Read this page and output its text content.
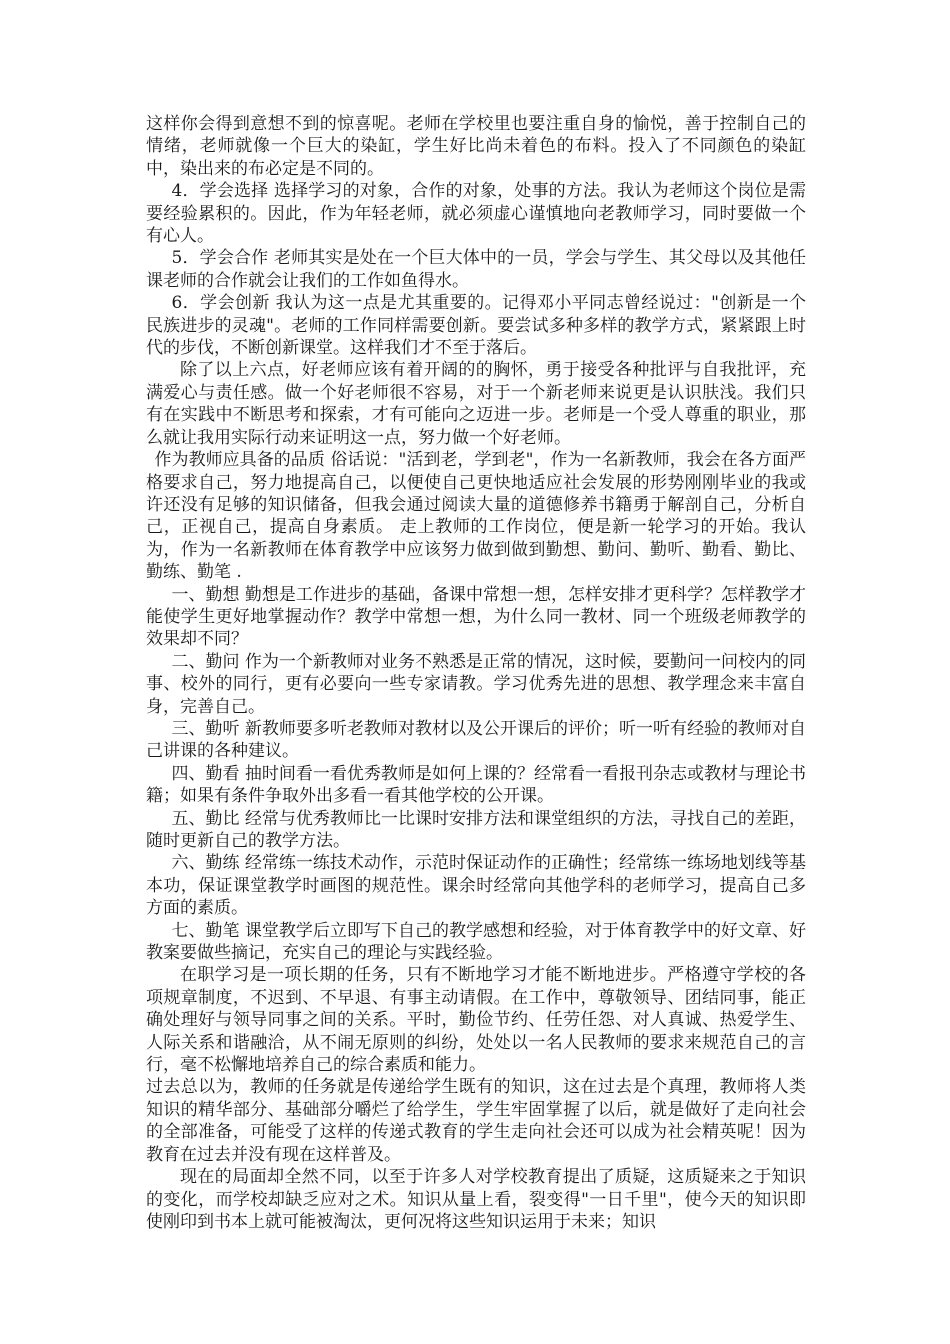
这样你会得到意想不到的惊喜呢。老师在学校里也要注重自身的愉悦，善于控制自己的情绪，老师就像一个巨大的染缸，学生好比尚未着色的布料。投入了不同颜色的染缸中，染出来的布必定是不同的。

4．学会选择 选择学习的对象，合作的对象，处事的方法。我认为老师这个岗位是需要经验累积的。因此，作为年轻老师，就必须虚心谨慎地向老教师学习，同时要做一个有心人。

5．学会合作 老师其实是处在一个巨大体中的一员，学会与学生、其父母以及其他任课老师的合作就会让我们的工作如鱼得水。

6．学会创新 我认为这一点是尤其重要的。记得邓小平同志曾经说过："创新是一个民族进步的灵魂"。老师的工作同样需要创新。要尝试多种多样的教学方式，紧紧跟上时代的步伐，不断创新课堂。这样我们才不至于落后。

除了以上六点，好老师应该有着开阔的的胸怀，勇于接受各种批评与自我批评，充满爱心与责任感。做一个好老师很不容易，对于一个新老师来说更是认识肤浅。我们只有在实践中不断思考和探索，才有可能向之迈进一步。老师是一个受人尊重的职业，那么就让我用实际行动来证明这一点，努力做一个好老师。

作为教师应具备的品质 俗话说："活到老，学到老"，作为一名新教师，我会在各方面严格要求自己，努力地提高自己，以便使自己更快地适应社会发展的形势刚刚毕业的我或许还没有足够的知识储备，但我会通过阅读大量的道德修养书籍勇于解剖自己，分析自己，正视自己，提高自身素质。 走上教师的工作岗位，便是新一轮学习的开始。我认为，作为一名新教师在体育教学中应该努力做到做到勤想、勤问、勤听、勤看、勤比、勤练、勤笔 .

一、勤想 勤想是工作进步的基础，备课中常想一想，怎样安排才更科学？怎样教学才能使学生更好地掌握动作？教学中常想一想，为什么同一教材、同一个班级老师教学的效果却不同？

二、勤问 作为一个新教师对业务不熟悉是正常的情况，这时候，要勤问一问校内的同事、校外的同行，更有必要向一些专家请教。学习优秀先进的思想、教学理念来丰富自身，完善自己。

三、勤听 新教师要多听老教师对教材以及公开课后的评价；听一听有经验的教师对自己讲课的各种建议。

四、勤看 抽时间看一看优秀教师是如何上课的？经常看一看报刊杂志或教材与理论书籍；如果有条件争取外出多看一看其他学校的公开课。

五、勤比 经常与优秀教师比一比课时安排方法和课堂组织的方法，寻找自己的差距，随时更新自己的教学方法。

六、勤练 经常练一练技术动作，示范时保证动作的正确性；经常练一练场地划线等基本功，保证课堂教学时画图的规范性。课余时经常向其他学科的老师学习，提高自己多方面的素质。

七、勤笔 课堂教学后立即写下自己的教学感想和经验，对于体育教学中的好文章、好教案要做些摘记，充实自己的理论与实践经验。

在职学习是一项长期的任务，只有不断地学习才能不断地进步。严格遵守学校的各项规章制度，不迟到、不早退、有事主动请假。在工作中，尊敬领导、团结同事，能正确处理好与领导同事之间的关系。平时，勤俭节约、任劳任怨、对人真诚、热爱学生、人际关系和谐融洽，从不闹无原则的纠纷，处处以一名人民教师的要求来规范自己的言行，毫不松懈地培养自己的综合素质和能力。

过去总以为，教师的任务就是传递给学生既有的知识，这在过去是个真理，教师将人类知识的精华部分、基础部分嚼烂了给学生，学生牢固掌握了以后，就是做好了走向社会的全部准备，可能受了这样的传递式教育的学生走向社会还可以成为社会精英呢！因为教育在过去并没有现在这样普及。

现在的局面却全然不同，以至于许多人对学校教育提出了质疑，这质疑来之于知识的变化，而学校却缺乏应对之术。知识从量上看，裂变得"一日千里"，使今天的知识即使刚印到书本上就可能被淘汰，更何况将这些知识运用于未来；知识
